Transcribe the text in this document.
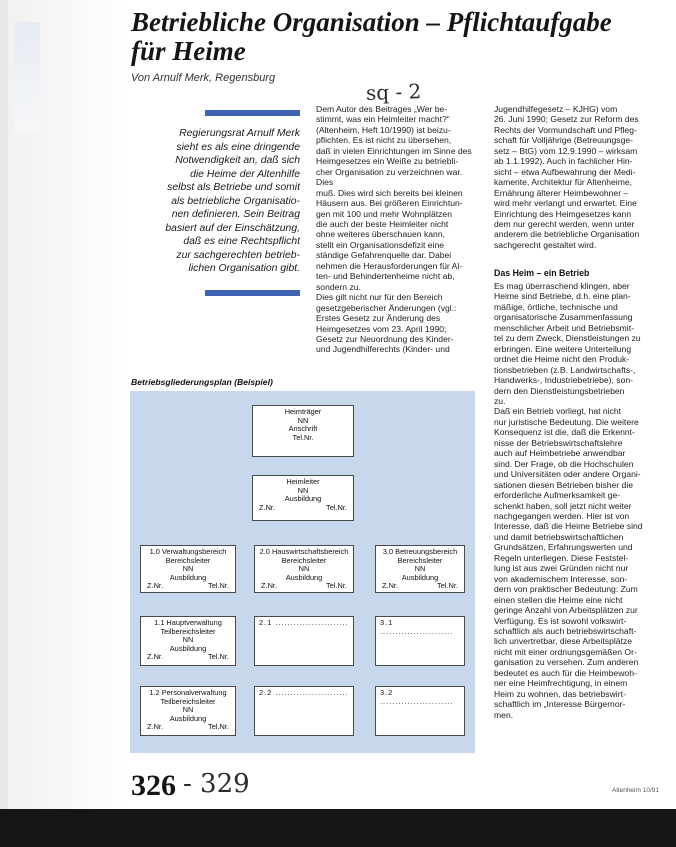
Betriebliche Organisation – Pflichtaufgabe für Heime
Von Arnulf Merk, Regensburg
sq - 2
Regierungsrat Arnulf Merk
sieht es als eine dringende
Notwendigkeit an, daß sich
die Heime der Altenhilfe
selbst als Betriebe und somit
als betriebliche Organisatio-
nen definieren. Sein Beitrag
basiert auf der Einschätzung,
daß es eine Rechtspflicht
zur sachgerechten betrieb-
lichen Organisation gibt.
Dem Autor des Beitrages „Wer be-
stimmt, was ein Heimleiter macht?“
(Altenheim, Heft 10/1990) ist beizu-
pflichten. Es ist nicht zu übersehen,
daß in vielen Einrichtungen im Sinne des
Heimgesetzes ein Weiße zu betriebli-
cher Organisation zu verzeichnen war. Dies
muß. Dies wird sich bereits bei kleinen
Häusern aus. Bei größeren Einrichtun-
gen mit 100 und mehr Wohnplätzen
die auch der beste Heimleiter nicht
ohne weiteres überschauen kann,
stellt ein Organisationsdefizit eine
ständige Gefahrenquelle dar. Dabei
nehmen die Herausforderungen für Al-
ten- und Behindertenheime nicht ab,
sondern zu.
Dies gilt nicht nur für den Bereich
gesetzgeberischer Änderungen (vgl.:
Erstes Gesetz zur Änderung des
Heimgesetzes vom 23. April 1990;
Gesetz zur Neuordnung des Kinder-
und Jugendhilferechts (Kinder- und
Jugendhilfegesetz – KJHG) vom
26. Juni 1990; Gesetz zur Reform des
Rechts der Vormundschaft und Pfleg-
schaft für Volljährige (Betreuungsge-
setz – BtG) vom 12.9.1990 – wirksam
ab 1.1.1992). Auch in fachlicher Hin-
sicht – etwa Aufbewahrung der Medi-
kamente, Architektur für Altenheime,
Ernährung älterer Heimbewohner –
wird mehr verlangt und erwartet. Eine
Einrichtung des Heimgesetzes kann
dem nur gerecht werden, wenn unter
anderem die betriebliche Organisation
sachgerecht gestaltet wird.
Das Heim – ein Betrieb
Es mag überraschend klingen, aber
Heime sind Betriebe, d.h. eine plan-
mäßige, örtliche, technische und
organisatorische Zusammenfassung
menschlicher Arbeit und Betriebsmit-
tel zu dem Zweck, Dienstleistungen zu
erbringen. Eine weitere Unterteilung
ordnet die Heime nicht den Produk-
tionsbetrieben (z.B. Landwirtschafts-,
Handwerks-, Industriebetriebe), son-
dern den Dienstleistungsbetrieben
zu.
Daß ein Betrieb vorliegt, hat nicht
nur juristische Bedeutung. Die weitere
Konsequenz ist die, daß die Erkennt-
nisse der Betriebswirtschaftslehre
auch auf Heimbetriebe anwendbar
sind. Der Frage, ob die Hochschulen
und Universitäten oder andere Organi-
sationen diesen Betrieben bisher die
erforderliche Aufmerksamkeit ge-
schenkt haben, soll jetzt nicht weiter
nachgegangen werden. Hier ist von
Interesse, daß die Heime Betriebe sind
und damit betriebswirtschaftlichen
Grundsätzen, Erfahrungswerten und
Regeln unterliegen. Diese Feststel-
lung ist aus zwei Gründen nicht nur
von akademischem Interesse, son-
dern von praktischer Bedeutung: Zum
einen stellen die Heime eine nicht
geringe Anzahl von Arbeitsplätzen zur
Verfügung. Es ist sowohl volkswirt-
schaftlich als auch betriebswirtschaft-
lich unvertretbar, diese Arbeitsplätze
nicht mit einer ordnungsgemäßen Or-
ganisation zu versehen. Zum anderen
bedeutet es auch für die Heimbewoh-
ner eine Heimfrechtigung, in einem
Heim zu wohnen, das betriebswirt-
schaftlich im „Interesse Bürgernor-
men.
Betriebsgliederungsplan (Beispiel)
Heimträger
NN
Anschrift
Tel.Nr.
Heimleiter
NN
Ausbildung
Z.Nr.	Tel.Nr.
1.0 Verwaltungsbereich
Bereichsleiter
NN
Ausbildung
Z.Nr.	Tel.Nr.
2.0 Hauswirtschaftsbereich
Bereichsleiter
NN
Ausbildung
Z.Nr.	Tel.Nr.
3.0 Betreuungsbereich
Bereichsleiter
NN
Ausbildung
Z.Nr.	Tel.Nr.
1.1 Hauptverwaltung
Teilbereichsleiter
NN
Ausbildung
Z.Nr.	Tel.Nr.
2.1 ........................	3.1 ........................
1.2 Personalverwaltung
Teilbereichsleiter
NN
Ausbildung
Z.Nr.	Tel.Nr.
2.2 ........................	3.2 ........................
326 - 329	Altenheim 10/91
